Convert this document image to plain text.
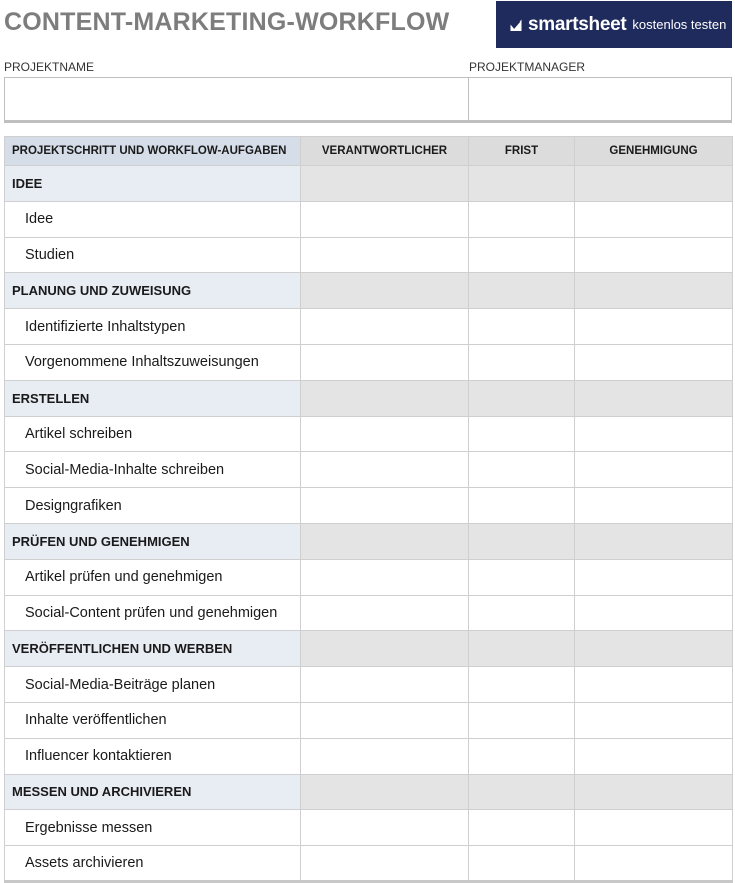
CONTENT-MARKETING-WORKFLOW	smartsheet kostenlos testen
PROJEKTNAME	PROJEKTMANAGER
PROJEKTSCHRITT UND WORKFLOW-AUFGABEN	VERANTWORTLICHER	FRIST	GENEHMIGUNG
IDEE			
Idee			
Studien			
PLANUNG UND ZUWEISUNG			
Identifizierte Inhaltstypen			
Vorgenommene Inhaltszuweisungen			
ERSTELLEN			
Artikel schreiben			
Social-Media-Inhalte schreiben			
Designgrafiken			
PRÜFEN UND GENEHMIGEN			
Artikel prüfen und genehmigen			
Social-Content prüfen und genehmigen			
VERÖFFENTLICHEN UND WERBEN			
Social-Media-Beiträge planen			
Inhalte veröffentlichen			
Influencer kontaktieren			
MESSEN UND ARCHIVIEREN			
Ergebnisse messen			
Assets archivieren			
